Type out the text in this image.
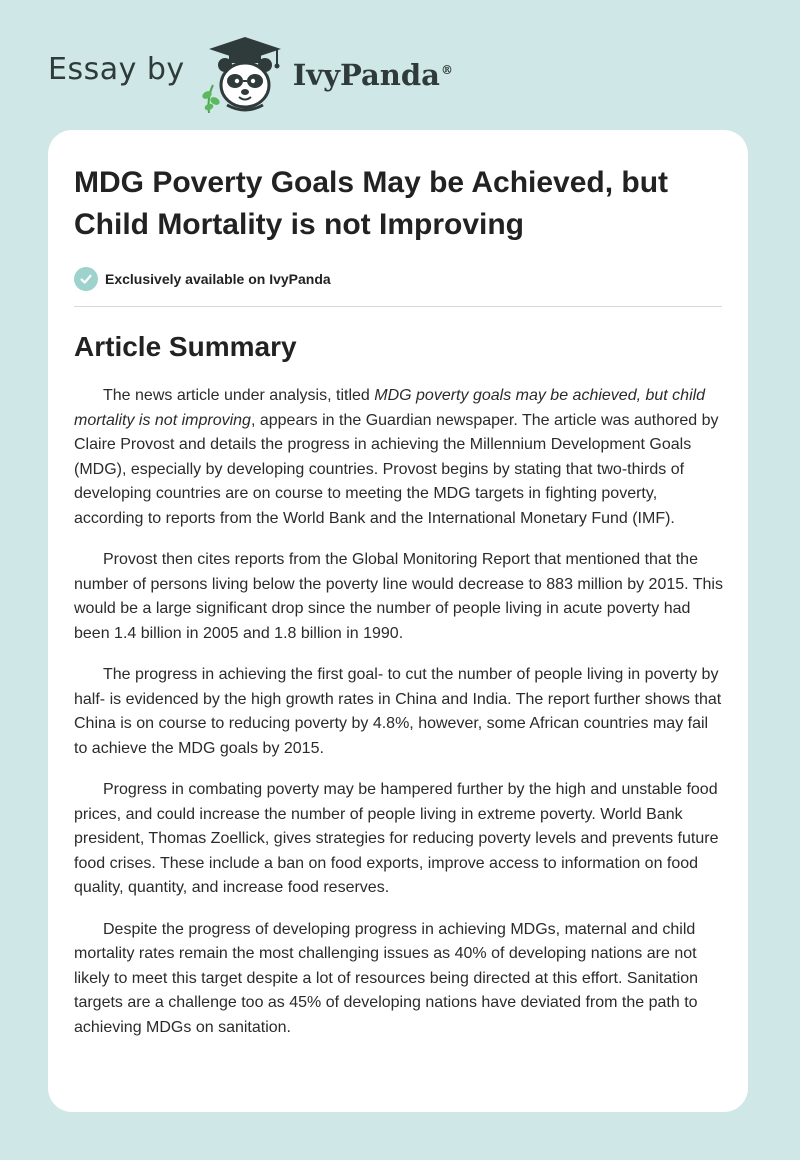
Essay by	IvyPanda®
MDG Poverty Goals May be Achieved, but Child Mortality is not Improving
Exclusively available on IvyPanda
Article Summary

The news article under analysis, titled MDG poverty goals may be achieved, but child mortality is not improving, appears in the Guardian newspaper. The article was authored by Claire Provost and details the progress in achieving the Millennium Development Goals (MDG), especially by developing countries. Provost begins by stating that two-thirds of developing countries are on course to meeting the MDG targets in fighting poverty, according to reports from the World Bank and the International Monetary Fund (IMF).

Provost then cites reports from the Global Monitoring Report that mentioned that the number of persons living below the poverty line would decrease to 883 million by 2015. This would be a large significant drop since the number of people living in acute poverty had been 1.4 billion in 2005 and 1.8 billion in 1990.

The progress in achieving the first goal- to cut the number of people living in poverty by half- is evidenced by the high growth rates in China and India. The report further shows that China is on course to reducing poverty by 4.8%, however, some African countries may fail to achieve the MDG goals by 2015.

Progress in combating poverty may be hampered further by the high and unstable food prices, and could increase the number of people living in extreme poverty. World Bank president, Thomas Zoellick, gives strategies for reducing poverty levels and prevents future food crises. These include a ban on food exports, improve access to information on food quality, quantity, and increase food reserves.

Despite the progress of developing progress in achieving MDGs, maternal and child mortality rates remain the most challenging issues as 40% of developing nations are not likely to meet this target despite a lot of resources being directed at this effort. Sanitation targets are a challenge too as 45% of developing nations have deviated from the path to achieving MDGs on sanitation.
